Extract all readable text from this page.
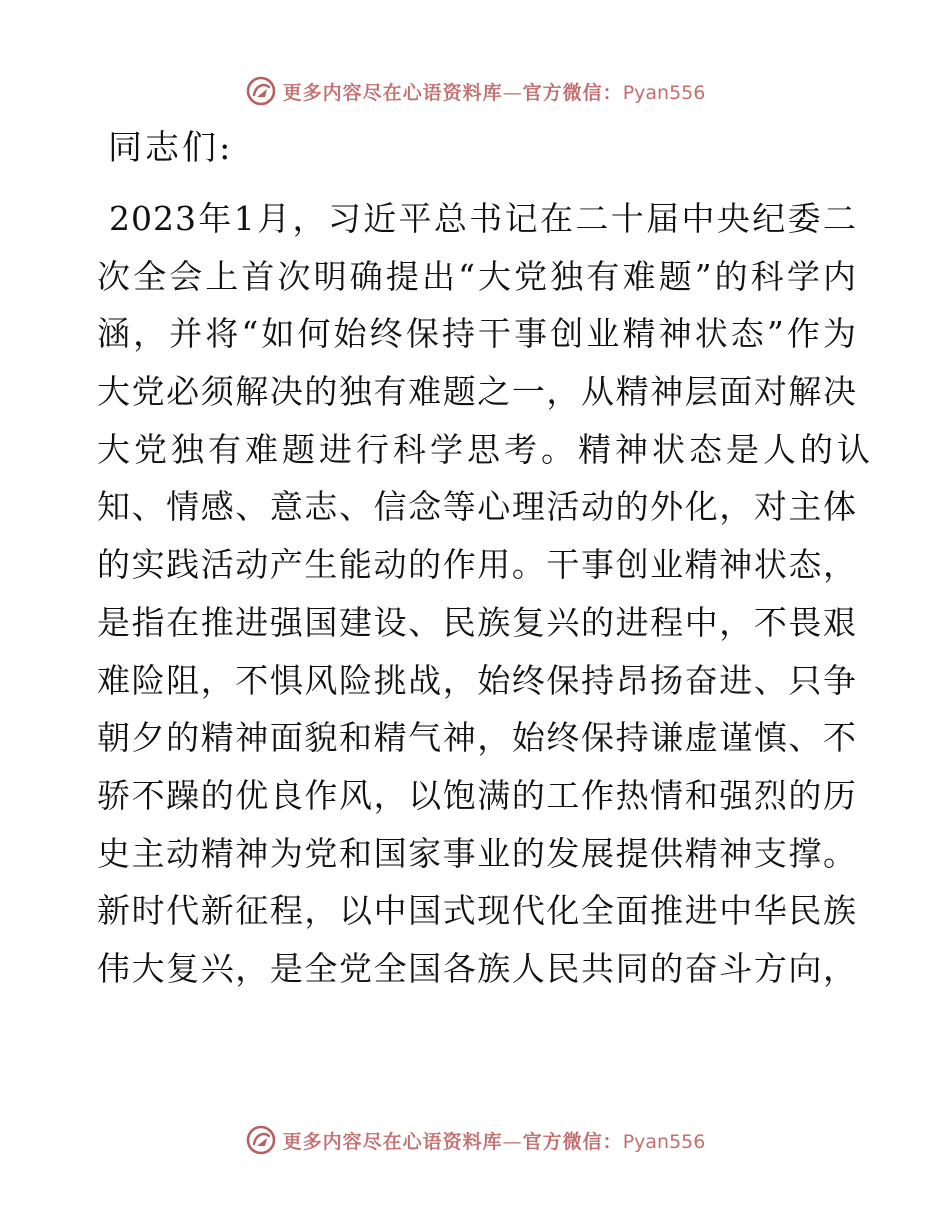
更多内容尽在心语资料库 — 官方微信： Pyan556

同志们:

2023年1月，习近平总书记在二十届中央纪委二
次全会上首次明确提出“大党独有难题”的科学内
涵，并将“如何始终保持干事创业精神状态”作为
大党必须解决的独有难题之一，从精神层面对解决
大党独有难题进行科学思考。精神状态是人的认
知、情感、意志、信念等心理活动的外化，对主体
的实践活动产生能动的作用。干事创业精神状态，
是指在推进强国建设、民族复兴的进程中，不畏艰
难险阻，不惧风险挑战，始终保持昂扬奋进、只争
朝夕的精神面貌和精气神，始终保持谦虚谨慎、不
骄不躁的优良作风，以饱满的工作热情和强烈的历
史主动精神为党和国家事业的发展提供精神支撑。
新时代新征程，以中国式现代化全面推进中华民族
伟大复兴，是全党全国各族人民共同的奋斗方向，
更多内容尽在心语资料库 — 官方微信： Pyan556
